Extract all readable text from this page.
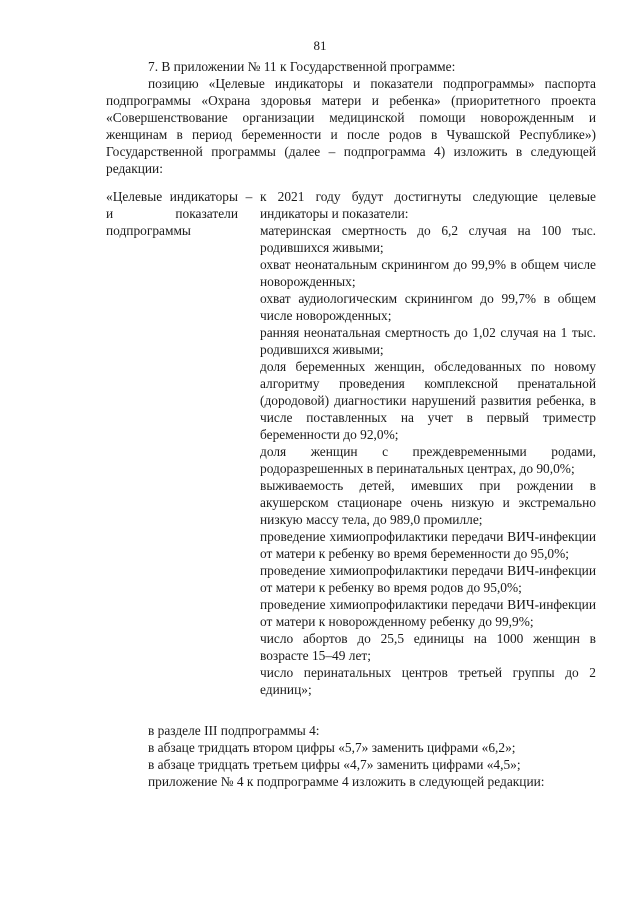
81

7. В приложении № 11 к Государственной программе:

позицию «Целевые индикаторы и показатели подпрограммы» паспорта подпрограммы «Охрана здоровья матери и ребенка» (приоритетного проекта «Совершенствование организации медицинской помощи новорожденным и женщинам в период беременности и после родов в Чувашской Республике») Государственной программы (далее – подпрограмма 4) изложить в следующей редакции:

«Целевые индикаторы и показатели подпрограммы
– к 2021 году будут достигнуты следующие целевые индикаторы и показатели:

материнская смертность до 6,2 случая на 100 тыс. родившихся живыми;

охват неонатальным скринингом до 99,9% в общем числе новорожденных;

охват аудиологическим скринингом до 99,7% в общем числе новорожденных;

ранняя неонатальная смертность до 1,02 случая на 1 тыс. родившихся живыми;

доля беременных женщин, обследованных по новому алгоритму проведения комплексной пренатальной (дородовой) диагностики нарушений развития ребенка, в числе поставленных на учет в первый триместр беременности до 92,0%;

доля женщин с преждевременными родами, родоразрешенных в перинатальных центрах, до 90,0%;

выживаемость детей, имевших при рождении в акушерском стационаре очень низкую и экстремально низкую массу тела, до 989,0 промилле;

проведение химиопрофилактики передачи ВИЧ-инфекции от матери к ребенку во время беременности до 95,0%;

проведение химиопрофилактики передачи ВИЧ-инфекции от матери к ребенку во время родов до 95,0%;

проведение химиопрофилактики передачи ВИЧ-инфекции от матери к новорожденному ребенку до 99,9%;

число абортов до 25,5 единицы на 1000 женщин в возрасте 15–49 лет;

число перинатальных центров третьей группы до 2 единиц»;

в разделе III подпрограммы 4:

в абзаце тридцать втором цифры «5,7» заменить цифрами «6,2»;

в абзаце тридцать третьем цифры «4,7» заменить цифрами «4,5»;

приложение № 4 к подпрограмме 4 изложить в следующей редакции:
